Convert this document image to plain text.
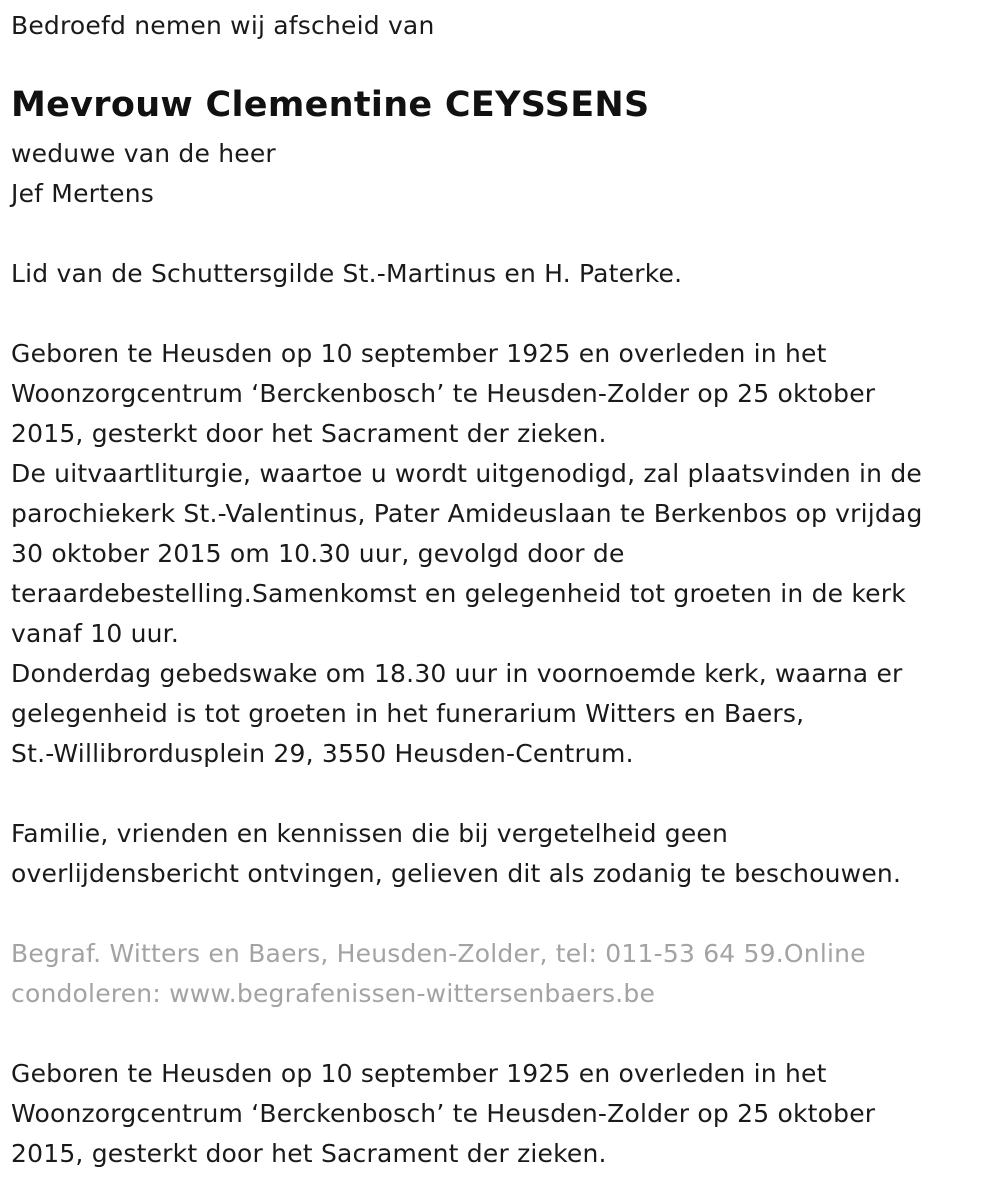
Bedroefd nemen wij afscheid van
Mevrouw Clementine CEYSSENS
weduwe van de heer
Jef Mertens
Lid van de Schuttersgilde St.-Martinus en H. Paterke.
Geboren te Heusden op 10 september 1925 en overleden in het
Woonzorgcentrum ‘Berckenbosch’ te Heusden-Zolder op 25 oktober
2015, gesterkt door het Sacrament der zieken.
De uitvaartliturgie, waartoe u wordt uitgenodigd, zal plaatsvinden in de
parochiekerk St.-Valentinus, Pater Amideuslaan te Berkenbos op vrijdag
30 oktober 2015 om 10.30 uur, gevolgd door de
teraardebestelling.Samenkomst en gelegenheid tot groeten in de kerk
vanaf 10 uur.
Donderdag gebedswake om 18.30 uur in voornoemde kerk, waarna er
gelegenheid is tot groeten in het funerarium Witters en Baers,
St.-Willibrordusplein 29, 3550 Heusden-Centrum.
Familie, vrienden en kennissen die bij vergetelheid geen
overlijdensbericht ontvingen, gelieven dit als zodanig te beschouwen.
Begraf. Witters en Baers, Heusden-Zolder, tel: 011-53 64 59.Online
condoleren: www.begrafenissen-wittersenbaers.be
Geboren te Heusden op 10 september 1925 en overleden in het
Woonzorgcentrum ‘Berckenbosch’ te Heusden-Zolder op 25 oktober
2015, gesterkt door het Sacrament der zieken.
